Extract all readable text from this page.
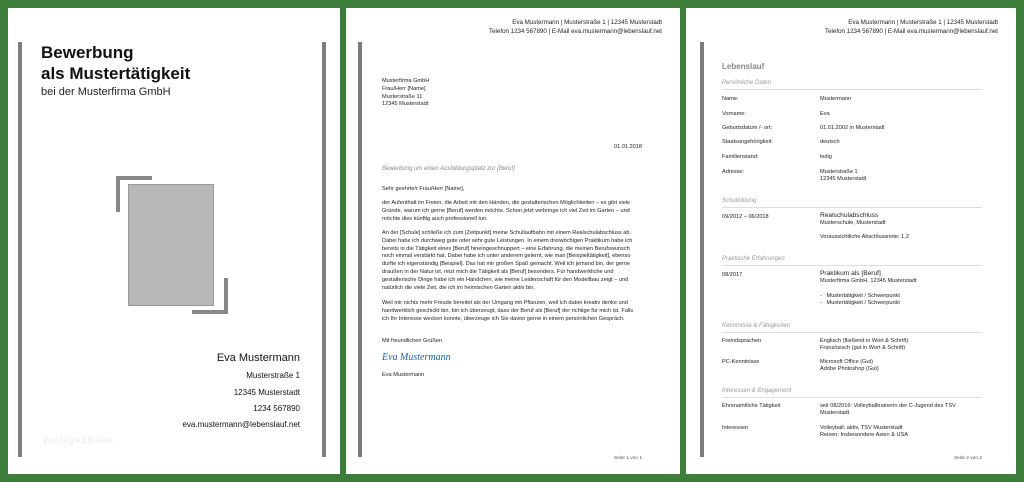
Bewerbung
als Mustertätigkeit
bei der Musterfirma GmbH
Eva Mustermann
Musterstraße 1
12345 Musterstadt
1234 567890
eva.mustermann@lebenslauf.net
Vorlage1Denn
Eva Mustermann | Musterstraße 1 | 12345 Musterstadt
Telefon 1234 567890 | E-Mail eva.mustermann@lebenslauf.net
Musterfirma GmbH
Frau/Herr [Name]
Musterstraße 11
12345 Musterstadt
01.01.2018
Bewerbung um einen Ausbildungsplatz zur [Beruf]
Sehr geehrte/r Frau/Herr [Name],
der Aufenthalt im Freien, die Arbeit mit den Händen, die gestalterischen Möglichkeiten – es gibt viele Gründe, warum ich gerne [Beruf] werden möchte. Schon jetzt verbringe ich viel Zeit im Garten – und möchte dies künftig auch professionell tun.
An der [Schule] schließe ich zum [Zeitpunkt] meine Schullaufbahn mit einem Realschulabschluss ab. Dabei habe ich durchweg gute oder sehr gute Leistungen. In einem dreiwöchigen Praktikum habe ich bereits in die Tätigkeit eines [Beruf] hineingeschnuppert – eine Erfahrung, die meinen Berufswunsch noch einmal verstärkt hat. Dabei habe ich unter anderem gelernt, wie man [Beispieltätigkeit], ebenso durfte ich eigenständig [Beispiel]. Das hat mir großen Spaß gemacht. Weil ich jemand bin, der gerne draußen in der Natur ist, reizt mich die Tätigkeit als [Beruf] besonders. Für handwerkliche und gestalterische Dinge habe ich ein Händchen, wie meine Leidenschaft für den Modellbau zeigt – und natürlich die viele Zeit, die ich im heimischen Garten aktiv bin.
Weil mir nichts mehr Freude bereitet als der Umgang mit Pflanzen, weil ich dabei kreativ denke und handwerklich geschickt bin, bin ich überzeugt, dass der Beruf als [Beruf] der richtige für mich ist. Falls ich Ihr Interesse wecken konnte, überzeuge ich Sie davon gerne in einem persönlichen Gespräch.
Mit freundlichen Grüßen
Eva Mustermann
Eva Mustermann
Seite 1 von 1
Eva Mustermann | Musterstraße 1 | 12345 Musterstadt
Telefon 1234 567890 | E-Mail eva.mustermann@lebenslauf.net
Lebenslauf
Persönliche Daten
Name:	Mustermann
Vorname:	Eva
Geburtsdatum /- ort:	01.01.2002 in Musterstadt
Staatsangehörigkeit:	deutsch
Familienstand:	ledig
Adresse:	Musterstraße 1
12345 Musterstadt
Schulbildung
09/2012 – 06/2018	Realschulabschluss
Musterschule, Musterstadt
Voraussichtliche Abschlussnote: 1,2
Praktische Erfahrungen
08/2017	Praktikum als [Beruf]
Musterfirma GmbH, 12345 Musterstadt
-   Mustertätigkeit / Schwerpunkt
-   Mustertätigkeit / Schwerpunkt
Kenntnisse & Fähigkeiten
Fremdsprachen	Englisch (fließend in Wort & Schrift)
Französisch (gut in Wort & Schrift)
PC-Kenntnisse	Microsoft Office (Gut)
Adobe Photoshop (Gut)
Interessen & Engagement
Ehrenamtliche Tätigkeit	seit 08/2016: Volleyballtrainerin der C-Jugend des TSV
Musterstadt
Interessen	Volleyball: aktiv, TSV Musterstadt
Reisen: Insbesondere Asien & USA
Seite 2 von 2
